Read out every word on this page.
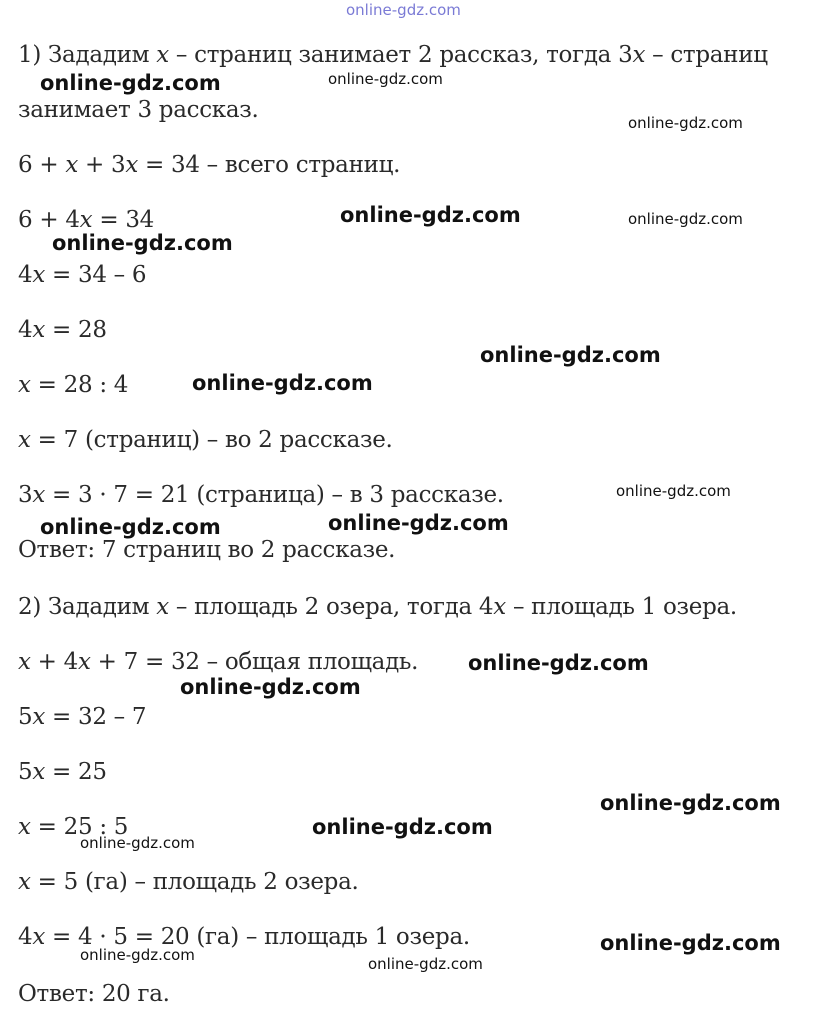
online-gdz.com

1) Зададим x – страниц занимает 2 рассказ, тогда 3x – страниц

занимает 3 рассказ.

6 + x + 3x = 34 – всего страниц.

6 + 4x = 34

4x = 34 – 6

4x = 28

x = 28 : 4

x = 7 (страниц) – во 2 рассказе.

3x = 3 · 7 = 21 (страница) – в 3 рассказе.

Ответ: 7 страниц во 2 рассказе.

2) Зададим x – площадь 2 озера, тогда 4x – площадь 1 озера.

x + 4x + 7 = 32 – общая площадь.

5x = 32 – 7

5x = 25

x = 25 : 5

x = 5 (га) – площадь 2 озера.

4x = 4 · 5 = 20 (га) – площадь 1 озера.

Ответ: 20 га.

online-gdz.com	online-gdz.com
online-gdz.com
online-gdz.com	online-gdz.com
online-gdz.com
online-gdz.com
online-gdz.com
online-gdz.com
online-gdz.com	online-gdz.com
online-gdz.com
online-gdz.com
online-gdz.com
online-gdz.com
online-gdz.com
online-gdz.com
online-gdz.com	online-gdz.com
